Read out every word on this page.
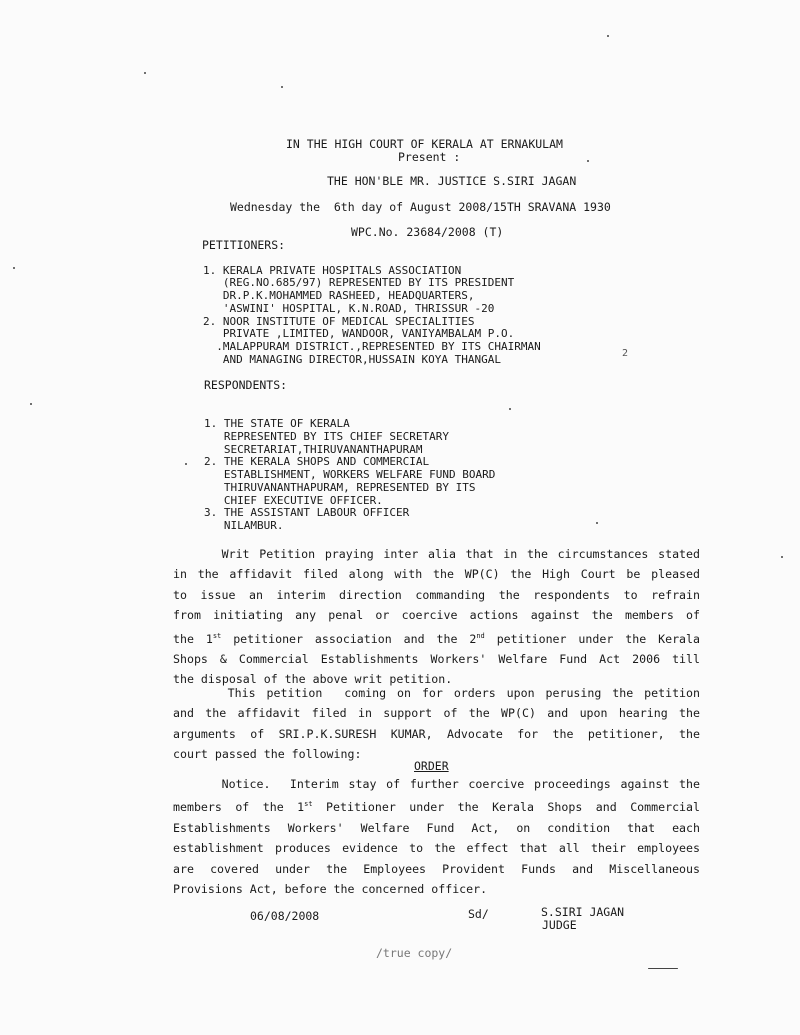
IN THE HIGH COURT OF KERALA AT ERNAKULAM
Present :
THE HON'BLE MR. JUSTICE S.SIRI JAGAN
Wednesday the  6th day of August 2008/15TH SRAVANA 1930
WPC.No. 23684/2008 (T)
PETITIONERS:
1. KERALA PRIVATE HOSPITALS ASSOCIATION
(REG.NO.685/97) REPRESENTED BY ITS PRESIDENT
DR.P.K.MOHAMMED RASHEED, HEADQUARTERS,
'ASWINI' HOSPITAL, K.N.ROAD, THRISSUR -20
2. NOOR INSTITUTE OF MEDICAL SPECIALITIES
PRIVATE ,LIMITED, WANDOOR, VANIYAMBALAM P.O.
.MALAPPURAM DISTRICT.,REPRESENTED BY ITS CHAIRMAN
AND MANAGING DIRECTOR,HUSSAIN KOYA THANGAL
RESPONDENTS:
1. THE STATE OF KERALA
REPRESENTED BY ITS CHIEF SECRETARY
SECRETARIAT,THIRUVANANTHAPURAM
2. THE KERALA SHOPS AND COMMERCIAL
ESTABLISHMENT, WORKERS WELFARE FUND BOARD
THIRUVANANTHAPURAM, REPRESENTED BY ITS
CHIEF EXECUTIVE OFFICER.
3. THE ASSISTANT LABOUR OFFICER
NILAMBUR.
Writ Petition praying inter alia that in the circumstances stated
in the affidavit filed along with the WP(C) the High Court be pleased
to issue an interim direction commanding the respondents to refrain
from initiating any penal or coercive actions against the members of
the 1st petitioner association and the 2nd petitioner under the Kerala
Shops & Commercial Establishments Workers' Welfare Fund Act 2006 till
the disposal of the above writ petition.
This petition  coming on for orders upon perusing the petition
and the affidavit filed in support of the WP(C) and upon hearing the
arguments of SRI.P.K.SURESH KUMAR, Advocate for the petitioner, the
court passed the following:
ORDER
Notice.  Interim stay of further coercive proceedings against the
members of the 1st Petitioner under the Kerala Shops and Commercial
Establishments Workers' Welfare Fund Act, on condition that each
establishment produces evidence to the effect that all their employees
are covered under the Employees Provident Funds and Miscellaneous
Provisions Act, before the concerned officer.
06/08/2008	Sd/	S.SIRI JAGAN
JUDGE
/true copy/
2
